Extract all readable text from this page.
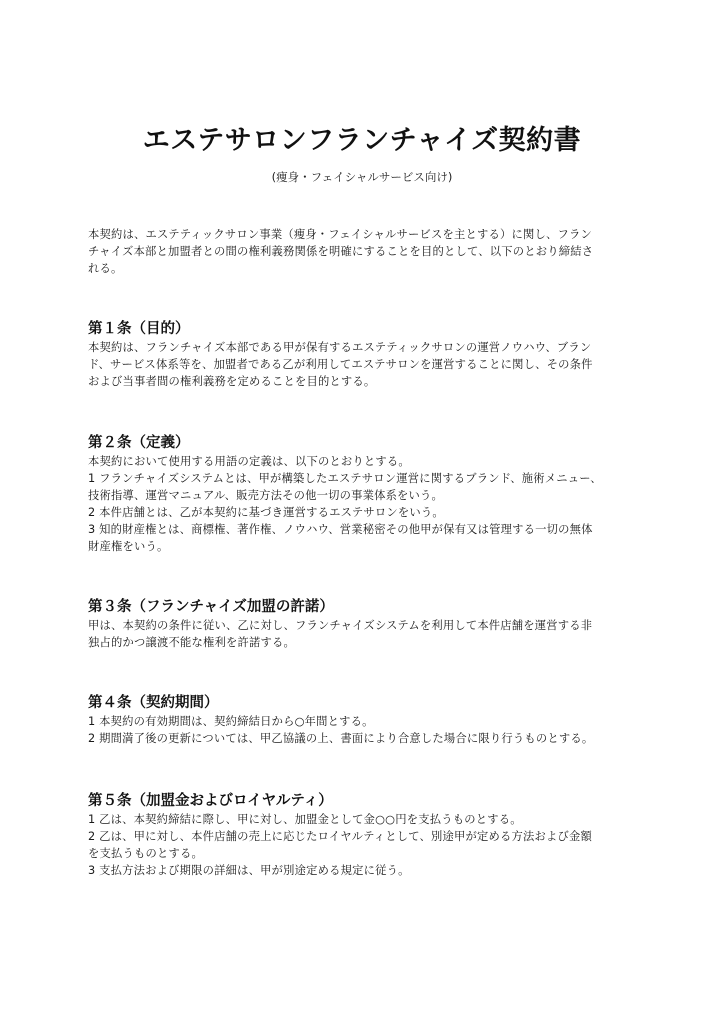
エステサロンフランチャイズ契約書
(痩身・フェイシャルサービス向け)
本契約は、エステティックサロン事業（痩身・フェイシャルサービスを主とする）に関し、フラン
チャイズ本部と加盟者との間の権利義務関係を明確にすることを目的として、以下のとおり締結さ
れる。
第１条（目的）
本契約は、フランチャイズ本部である甲が保有するエステティックサロンの運営ノウハウ、ブラン
ド、サービス体系等を、加盟者である乙が利用してエステサロンを運営することに関し、その条件
および当事者間の権利義務を定めることを目的とする。
第２条（定義）
本契約において使用する用語の定義は、以下のとおりとする。
1 フランチャイズシステムとは、甲が構築したエステサロン運営に関するブランド、施術メニュー、
技術指導、運営マニュアル、販売方法その他一切の事業体系をいう。
2 本件店舗とは、乙が本契約に基づき運営するエステサロンをいう。
3 知的財産権とは、商標権、著作権、ノウハウ、営業秘密その他甲が保有又は管理する一切の無体
財産権をいう。
第３条（フランチャイズ加盟の許諾）
甲は、本契約の条件に従い、乙に対し、フランチャイズシステムを利用して本件店舗を運営する非
独占的かつ譲渡不能な権利を許諾する。
第４条（契約期間）
1 本契約の有効期間は、契約締結日から○年間とする。
2 期間満了後の更新については、甲乙協議の上、書面により合意した場合に限り行うものとする。
第５条（加盟金およびロイヤルティ）
1 乙は、本契約締結に際し、甲に対し、加盟金として金○○円を支払うものとする。
2 乙は、甲に対し、本件店舗の売上に応じたロイヤルティとして、別途甲が定める方法および金額
を支払うものとする。
3 支払方法および期限の詳細は、甲が別途定める規定に従う。
